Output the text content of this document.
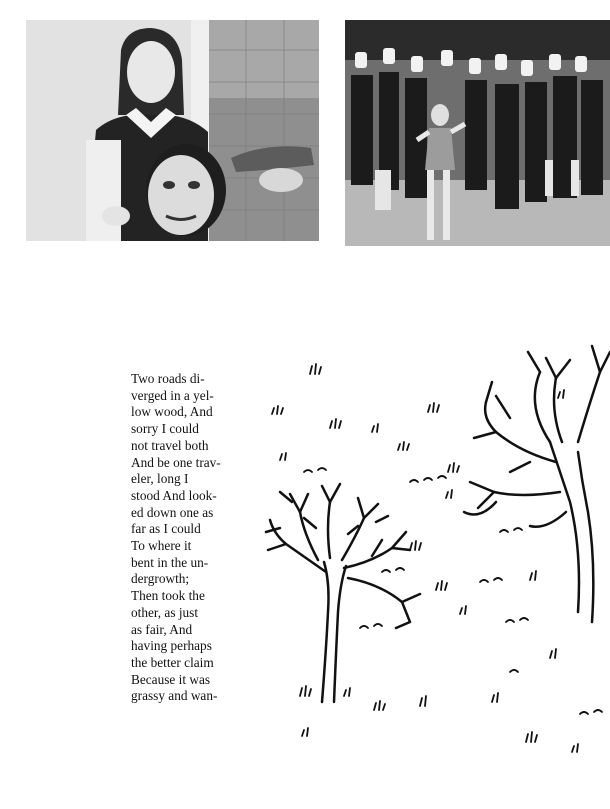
Two roads di-
verged in a yel-
low wood, And
sorry I could
not travel both
And be one trav-
eler, long I
stood And look-
ed down one as
far as I could
To where it
bent in the un-
dergrowth;
Then took the
other, as just
as fair, And
having perhaps
the better claim
Because it was
grassy and wan-
